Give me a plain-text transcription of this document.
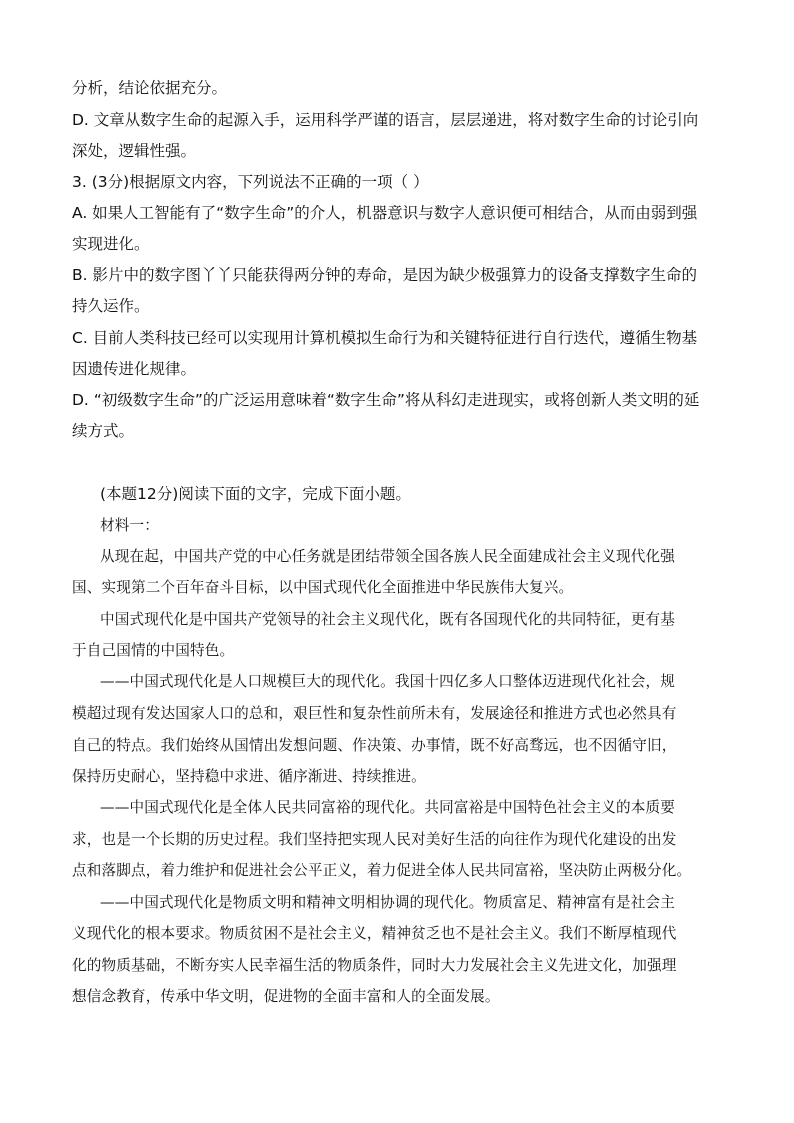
分析，结论依据充分。
D. 文章从数字生命的起源入手，运用科学严谨的语言，层层递进，将对数字生命的讨论引向
深处，逻辑性强。
3. (3分)根据原文内容，下列说法不正确的一项（ ）
A. 如果人工智能有了“数字生命”的介人，机器意识与数字人意识便可相结合，从而由弱到强
实现进化。
B. 影片中的数字图丫丫只能获得两分钟的寿命，是因为缺少极强算力的设备支撑数字生命的
持久运作。
C. 目前人类科技已经可以实现用计算机模拟生命行为和关键特征进行自行迭代，遵循生物基
因遗传进化规律。
D. “初级数字生命”的广泛运用意味着“数字生命”将从科幻走进现实，或将创新人类文明的延
续方式。
(本题12分)阅读下面的文字，完成下面小题。
材料一：
从现在起，中国共产党的中心任务就是团结带领全国各族人民全面建成社会主义现代化强
国、实现第二个百年奋斗目标，以中国式现代化全面推进中华民族伟大复兴。
中国式现代化是中国共产党领导的社会主义现代化，既有各国现代化的共同特征，更有基
于自己国情的中国特色。
——中国式现代化是人口规模巨大的现代化。我国十四亿多人口整体迈进现代化社会，规
模超过现有发达国家人口的总和，艰巨性和复杂性前所未有，发展途径和推进方式也必然具有
自己的特点。我们始终从国情出发想问题、作决策、办事情，既不好高骛远，也不因循守旧，
保持历史耐心，坚持稳中求进、循序渐进、持续推进。
——中国式现代化是全体人民共同富裕的现代化。共同富裕是中国特色社会主义的本质要
求，也是一个长期的历史过程。我们坚持把实现人民对美好生活的向往作为现代化建设的出发
点和落脚点，着力维护和促进社会公平正义，着力促进全体人民共同富裕，坚决防止两极分化。
——中国式现代化是物质文明和精神文明相协调的现代化。物质富足、精神富有是社会主
义现代化的根本要求。物质贫困不是社会主义，精神贫乏也不是社会主义。我们不断厚植现代
化的物质基础，不断夯实人民幸福生活的物质条件，同时大力发展社会主义先进文化，加强理
想信念教育，传承中华文明，促进物的全面丰富和人的全面发展。
